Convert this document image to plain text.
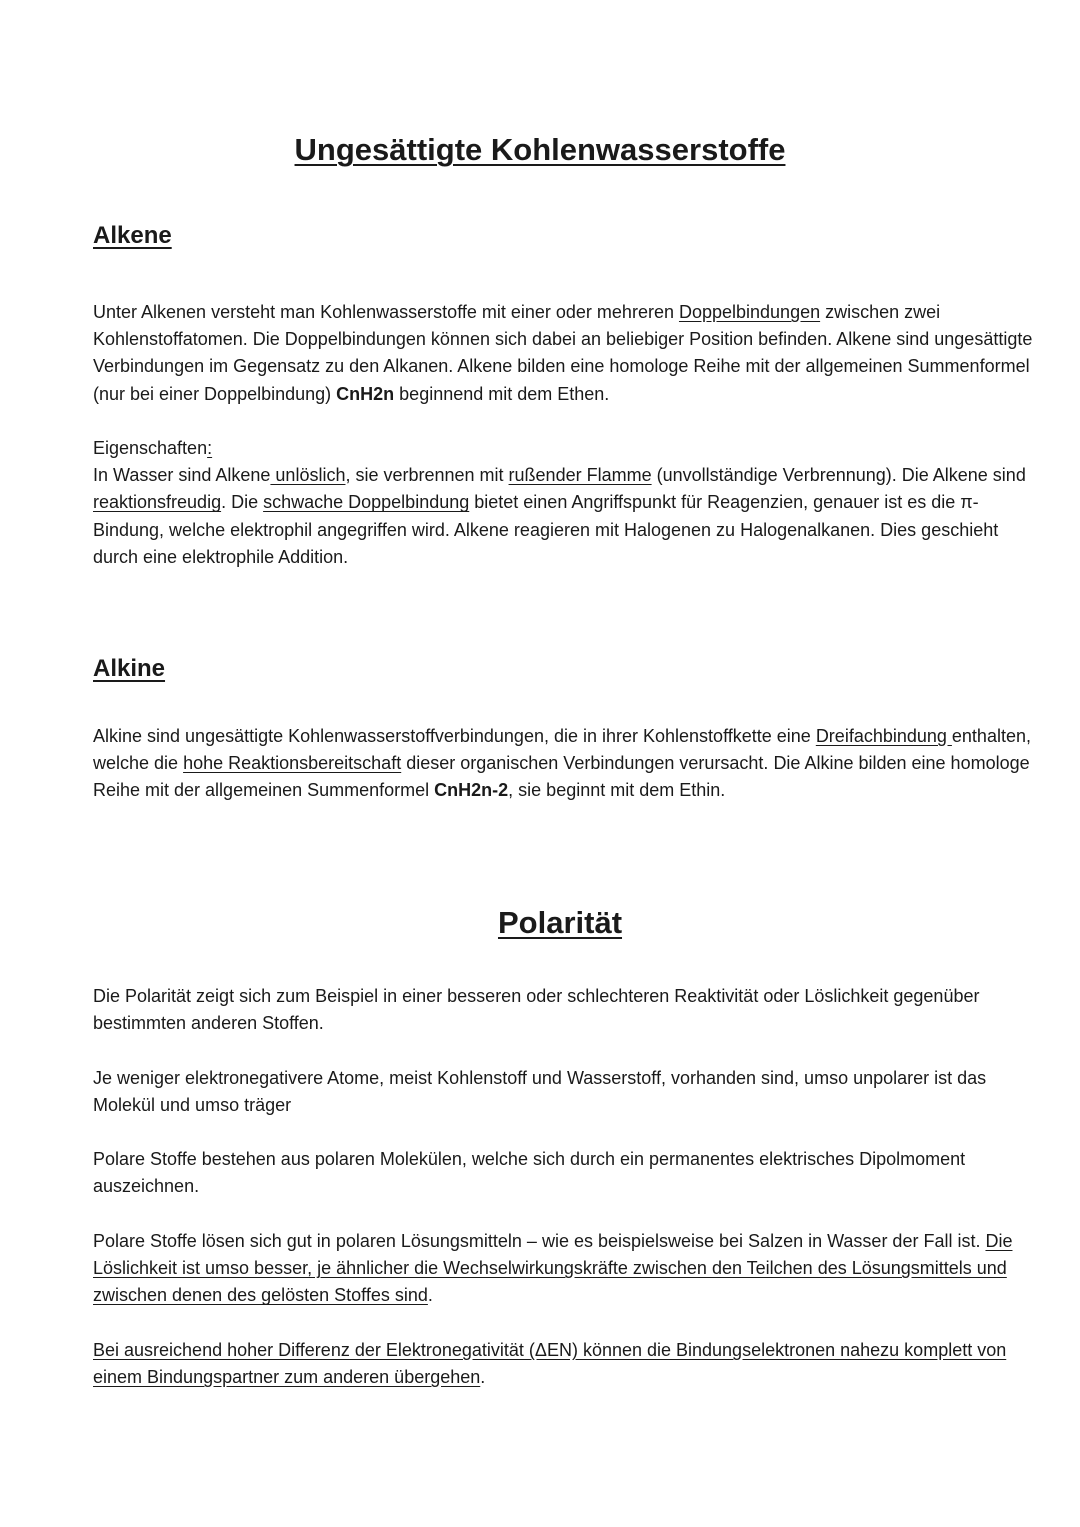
Ungesättigte Kohlenwasserstoffe
Alkene

Unter Alkenen versteht man Kohlenwasserstoffe mit einer oder mehreren Doppelbindungen zwischen zwei Kohlenstoffatomen. Die Doppelbindungen können sich dabei an beliebiger Position befinden. Alkene sind ungesättigte Verbindungen im Gegensatz zu den Alkanen. Alkene bilden eine homologe Reihe mit der allgemeinen Summenformel (nur bei einer Doppelbindung) CnH2n beginnend mit dem Ethen.

Eigenschaften:
In Wasser sind Alkene unlöslich, sie verbrennen mit rußender Flamme (unvollständige Verbrennung). Die Alkene sind reaktionsfreudig. Die schwache Doppelbindung bietet einen Angriffspunkt für Reagenzien, genauer ist es die π-Bindung, welche elektrophil angegriffen wird. Alkene reagieren mit Halogenen zu Halogenalkanen. Dies geschieht durch eine elektrophile Addition.

Alkine

Alkine sind ungesättigte Kohlenwasserstoffverbindungen, die in ihrer Kohlenstoffkette eine Dreifachbindung enthalten, welche die hohe Reaktionsbereitschaft dieser organischen Verbindungen verursacht. Die Alkine bilden eine homologe Reihe mit der allgemeinen Summenformel CnH2n-2, sie beginnt mit dem Ethin.

Polarität

Die Polarität zeigt sich zum Beispiel in einer besseren oder schlechteren Reaktivität oder Löslichkeit gegenüber bestimmten anderen Stoffen.

Je weniger elektronegativere Atome, meist Kohlenstoff und Wasserstoff, vorhanden sind, umso unpolarer ist das Molekül und umso träger

Polare Stoffe bestehen aus polaren Molekülen, welche sich durch ein permanentes elektrisches Dipolmoment auszeichnen.

Polare Stoffe lösen sich gut in polaren Lösungsmitteln – wie es beispielsweise bei Salzen in Wasser der Fall ist. Die Löslichkeit ist umso besser, je ähnlicher die Wechselwirkungskräfte zwischen den Teilchen des Lösungsmittels und zwischen denen des gelösten Stoffes sind.

Bei ausreichend hoher Differenz der Elektronegativität (ΔEN) können die Bindungselektronen nahezu komplett von einem Bindungspartner zum anderen übergehen.
